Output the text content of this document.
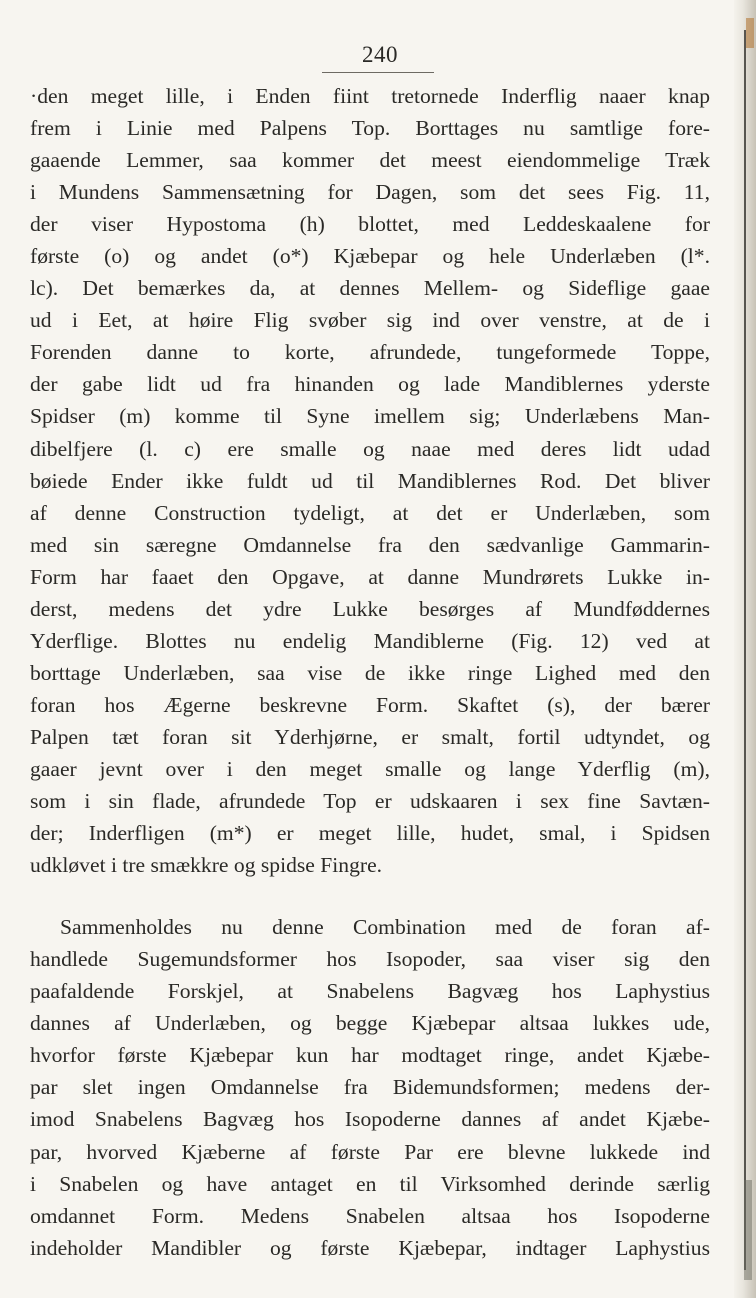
240
·den meget lille, i Enden fiint tretornede Inderflig naaer knap
frem i Linie med Palpens Top. Borttages nu samtlige fore-
gaaende Lemmer, saa kommer det meest eiendommelige Træk
i Mundens Sammensætning for Dagen, som det sees Fig. 11,
der viser Hypostoma (h) blottet, med Leddeskaalene for
første (o) og andet (o*) Kjæbepar og hele Underlæben (l*.
lc). Det bemærkes da, at dennes Mellem- og Sideflige gaae
ud i Eet, at høire Flig svøber sig ind over venstre, at de i
Forenden danne to korte, afrundede, tungeformede Toppe,
der gabe lidt ud fra hinanden og lade Mandiblernes yderste
Spidser (m) komme til Syne imellem sig; Underlæbens Man-
dibelfjere (l. c) ere smalle og naae med deres lidt udad
bøiede Ender ikke fuldt ud til Mandiblernes Rod. Det bliver
af denne Construction tydeligt, at det er Underlæben, som
med sin særegne Omdannelse fra den sædvanlige Gammarin-
Form har faaet den Opgave, at danne Mundrørets Lukke in-
derst, medens det ydre Lukke besørges af Mundføddernes
Yderflige. Blottes nu endelig Mandiblerne (Fig. 12) ved at
borttage Underlæben, saa vise de ikke ringe Lighed med den
foran hos Ægerne beskrevne Form. Skaftet (s), der bærer
Palpen tæt foran sit Yderhjørne, er smalt, fortil udtyndet, og
gaaer jevnt over i den meget smalle og lange Yderflig (m),
som i sin flade, afrundede Top er udskaaren i sex fine Savtæn-
der; Inderfligen (m*) er meget lille, hudet, smal, i Spidsen
udkløvet i tre smækkre og spidse Fingre.
Sammenholdes nu denne Combination med de foran af-
handlede Sugemundsformer hos Isopoder, saa viser sig den
paafaldende Forskjel, at Snabelens Bagvæg hos Laphystius
dannes af Underlæben, og begge Kjæbepar altsaa lukkes ude,
hvorfor første Kjæbepar kun har modtaget ringe, andet Kjæbe-
par slet ingen Omdannelse fra Bidemundsformen; medens der-
imod Snabelens Bagvæg hos Isopoderne dannes af andet Kjæbe-
par, hvorved Kjæberne af første Par ere blevne lukkede ind
i Snabelen og have antaget en til Virksomhed derinde særlig
omdannet Form. Medens Snabelen altsaa hos Isopoderne
indeholder Mandibler og første Kjæbepar, indtager Laphystius
